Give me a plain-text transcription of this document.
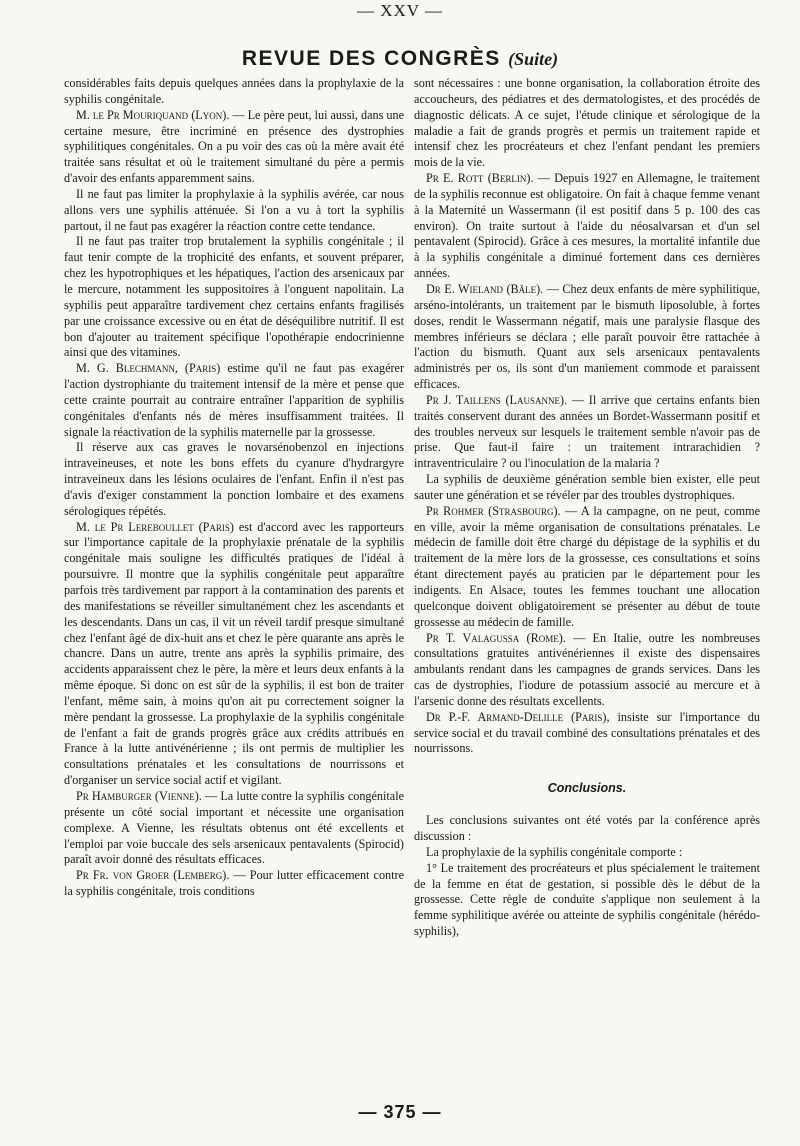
— XXV —
REVUE DES CONGRÈS (Suite)

considérables faits depuis quelques années dans la prophylaxie de la syphilis congénitale.

M. le Pr Mouriquand (Lyon). — Le père peut, lui aussi, dans une certaine mesure, être incriminé en présence des dystrophies syphilitiques congénitales. On a pu voir des cas où la mère avait été traitée sans résultat et où le traitement simultané du père a permis d'avoir des enfants apparemment sains.

Il ne faut pas limiter la prophylaxie à la syphilis avérée, car nous allons vers une syphilis atténuée. Si l'on a vu à tort la syphilis partout, il ne faut pas exagérer la réaction contre cette tendance.

Il ne faut pas traiter trop brutalement la syphilis congénitale ; il faut tenir compte de la trophicité des enfants, et souvent préparer, chez les hypotrophiques et les hépatiques, l'action des arsenicaux par le mercure, notamment les suppositoires à l'onguent napolitain. La syphilis peut apparaître tardivement chez certains enfants fragilisés par une croissance excessive ou en état de déséquilibre nutritif. Il est bon d'ajouter au traitement spécifique l'opothérapie endocrinienne ainsi que des vitamines.

M. G. Blechmann, (Paris) estime qu'il ne faut pas exagérer l'action dystrophiante du traitement intensif de la mère et pense que cette crainte pourrait au contraire entraîner l'apparition de syphilis congénitales d'enfants nés de mères insuffisamment traitées. Il signale la réactivation de la syphilis maternelle par la grossesse.

Il réserve aux cas graves le novarsénobenzol en injections intraveineuses, et note les bons effets du cyanure d'hydrargyre intraveineux dans les lésions oculaires de l'enfant. Enfin il n'est pas d'avis d'exiger constamment la ponction lombaire et des examens sérologiques répétés.

M. le Pr Lereboullet (Paris) est d'accord avec les rapporteurs sur l'importance capitale de la prophylaxie prénatale de la syphilis congénitale mais souligne les difficultés pratiques de l'idéal à poursuivre. Il montre que la syphilis congénitale peut apparaître parfois très tardivement par rapport à la contamination des parents et des manifestations se réveiller simultanément chez les ascendants et les descendants. Dans un cas, il vit un réveil tardif presque simultané chez l'enfant âgé de dix-huit ans et chez le père quarante ans après le chancre. Dans un autre, trente ans après la syphilis primaire, des accidents apparaissent chez le père, la mère et leurs deux enfants à la même époque. Si donc on est sûr de la syphilis, il est bon de traiter l'enfant, même sain, à moins qu'on ait pu correctement soigner la mère pendant la grossesse. La prophylaxie de la syphilis congénitale de l'enfant a fait de grands progrès grâce aux crédits attribués en France à la lutte antivénérienne ; ils ont permis de multiplier les consultations prénatales et les consultations de nourrissons et d'organiser un service social actif et vigilant.

Pr Hamburger (Vienne). — La lutte contre la syphilis congénitale présente un côté social important et nécessite une organisation complexe. A Vienne, les résultats obtenus ont été excellents et l'emploi par voie buccale des sels arsenicaux pentavalents (Spirocid) paraît avoir donné des résultats efficaces.

Pr Fr. von Groer (Lemberg). — Pour lutter efficacement contre la syphilis congénitale, trois conditions

sont nécessaires : une bonne organisation, la collaboration étroite des accoucheurs, des pédiatres et des dermatologistes, et des procédés de diagnostic délicats. A ce sujet, l'étude clinique et sérologique de la maladie a fait de grands progrès et permis un traitement rapide et intensif chez les procréateurs et chez l'enfant pendant les premiers mois de la vie.

Pr E. Rott (Berlin). — Depuis 1927 en Allemagne, le traitement de la syphilis reconnue est obligatoire. On fait à chaque femme venant à la Maternité un Wassermann (il est positif dans 5 p. 100 des cas environ). On traite surtout à l'aide du néosalvarsan et d'un sel pentavalent (Spirocid). Grâce à ces mesures, la mortalité infantile due à la syphilis congénitale a diminué fortement dans ces dernières années.

Dr E. Wieland (Bâle). — Chez deux enfants de mère syphilitique, arséno-intolérants, un traitement par le bismuth liposoluble, à fortes doses, rendit le Wassermann négatif, mais une paralysie flasque des membres inférieurs se déclara ; elle paraît pouvoir être rattachée à l'action du bismuth. Quant aux sels arsenicaux pentavalents administrés per os, ils sont d'un maniement commode et paraissent efficaces.

Pr J. Taillens (Lausanne). — Il arrive que certains enfants bien traités conservent durant des années un Bordet-Wassermann positif et des troubles nerveux sur lesquels le traitement semble n'avoir pas de prise. Que faut-il faire : un traitement intrarachidien ? intraventriculaire ? ou l'inoculation de la malaria ?

La syphilis de deuxième génération semble bien exister, elle peut sauter une génération et se révéler par des troubles dystrophiques.

Pr Rohmer (Strasbourg). — A la campagne, on ne peut, comme en ville, avoir la même organisation de consultations prénatales. Le médecin de famille doit être chargé du dépistage de la syphilis et du traitement de la mère lors de la grossesse, ces consultations et soins étant directement payés au praticien par le département pour les indigents. En Alsace, toutes les femmes touchant une allocation quelconque doivent obligatoirement se présenter au début de toute grossesse au médecin de famille.

Pr T. Valagussa (Rome). — En Italie, outre les nombreuses consultations gratuites antivénériennes il existe des dispensaires ambulants rendant dans les campagnes de grands services. Dans les cas de dystrophies, l'iodure de potassium associé au mercure et à l'arsenic donne des résultats excellents.

Dr P.-F. Armand-Delille (Paris), insiste sur l'importance du service social et du travail combiné des consultations prénatales et des nourrissons.

Conclusions.

Les conclusions suivantes ont été votés par la conférence après discussion :

La prophylaxie de la syphilis congénitale comporte :

1° Le traitement des procréateurs et plus spécialement le traitement de la femme en état de gestation, si possible dès le début de la grossesse. Cette règle de conduite s'applique non seulement à la femme syphilitique avérée ou atteinte de syphilis congénitale (hérédo-syphilis),

— 375 —
